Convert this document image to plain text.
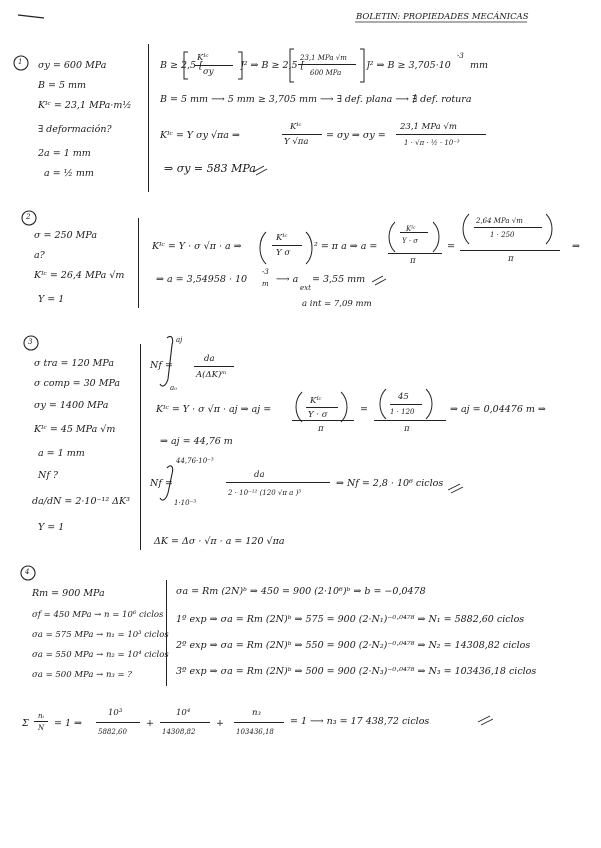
BOLETIN: PROPIEDADES MECÁNICAS
1 σy = 600 MPa
B = 5 mm
Kᴵᶜ = 23,1 MPa·m½
∃ deformación?
2a = 1 mm
a = ½ mm
B ≥ 2,5 [
Kᴵᶜ
σy
]² ⇒ B ≥ 2,5 [
23,1 MPa √m
600 MPa
]² ⇒ B ≥ 3,705·10
-3
mm
B = 5 mm ⟶ 5 mm ≥ 3,705 mm ⟶ ∃ def. plana ⟶ ∄ def. rotura
Kᴵᶜ = Y σy √πa ⇒
Kᴵᶜ
Y √πa
= σy ⇒ σy =
23,1 MPa √m
1 · √π · ½ · 10⁻³
⇒ σy = 583 MPa
2
σ = 250 MPa
a?
Kᴵᶜ = 26,4 MPa √m
Y = 1
Kᴵᶜ = Y · σ √π · a ⇒
Kᴵᶜ
Y σ
² = π a ⇒ a =
Kᴵᶜ
Y · σ
π
=
2,64 MPa √m
1 · 250
π
⇒
⇒ a = 3,54958 · 10
-3
m ⟶ a
ext
= 3,55 mm
a int = 7,09 mm
3
σ tra = 120 MPa
σ comp = 30 MPa
σy = 1400 MPa
Kᴵᶜ = 45 MPa √m
a = 1 mm
Nf ?
da/dN = 2·10⁻¹² ΔK³
Y = 1
Nf =
aj
a₀
da
A(ΔK)ᵐ
Kᴵᶜ = Y · σ √π · aj ⇒ aj =
Kᴵᶜ
Y · σ
π
=
45
1 · 120
π
⇒ aj = 0,04476 m ⇒
⇒ aj = 44,76 m
Nf =
44,76·10⁻³
1·10⁻³
da
2 · 10⁻¹² (120 √π a )³
⇒ Nf = 2,8 · 10⁶ ciclos
ΔK = Δσ · √π · a = 120 √πa
4
Rm = 900 MPa
σf = 450 MPa → n = 10⁶ ciclos
σa = 575 MPa → n₁ = 10³ ciclos
σa = 550 MPa → n₂ = 10⁴ ciclos
σa = 500 MPa → n₃ = ?
σa = Rm (2N)ᵇ ⇒ 450 = 900 (2·10⁶)ᵇ ⇒ b = −0,0478
1º exp ⇒ σa = Rm (2N)ᵇ ⇒ 575 = 900 (2·N₁)⁻⁰·⁰⁴⁷⁸ ⇒ N₁ = 5882,60 ciclos
2º exp ⇒ σa = Rm (2N)ᵇ ⇒ 550 = 900 (2·N₂)⁻⁰·⁰⁴⁷⁸ ⇒ N₂ = 14308,82 ciclos
3º exp ⇒ σa = Rm (2N)ᵇ ⇒ 500 = 900 (2·N₃)⁻⁰·⁰⁴⁷⁸ ⇒ N₃ = 103436,18 ciclos
Σ
nᵢ
N = 1 ⇒
10³
5882,60
+
10⁴
14308,82
+
n₃
103436,18
= 1 ⟶ n₃ = 17 438,72 ciclos
